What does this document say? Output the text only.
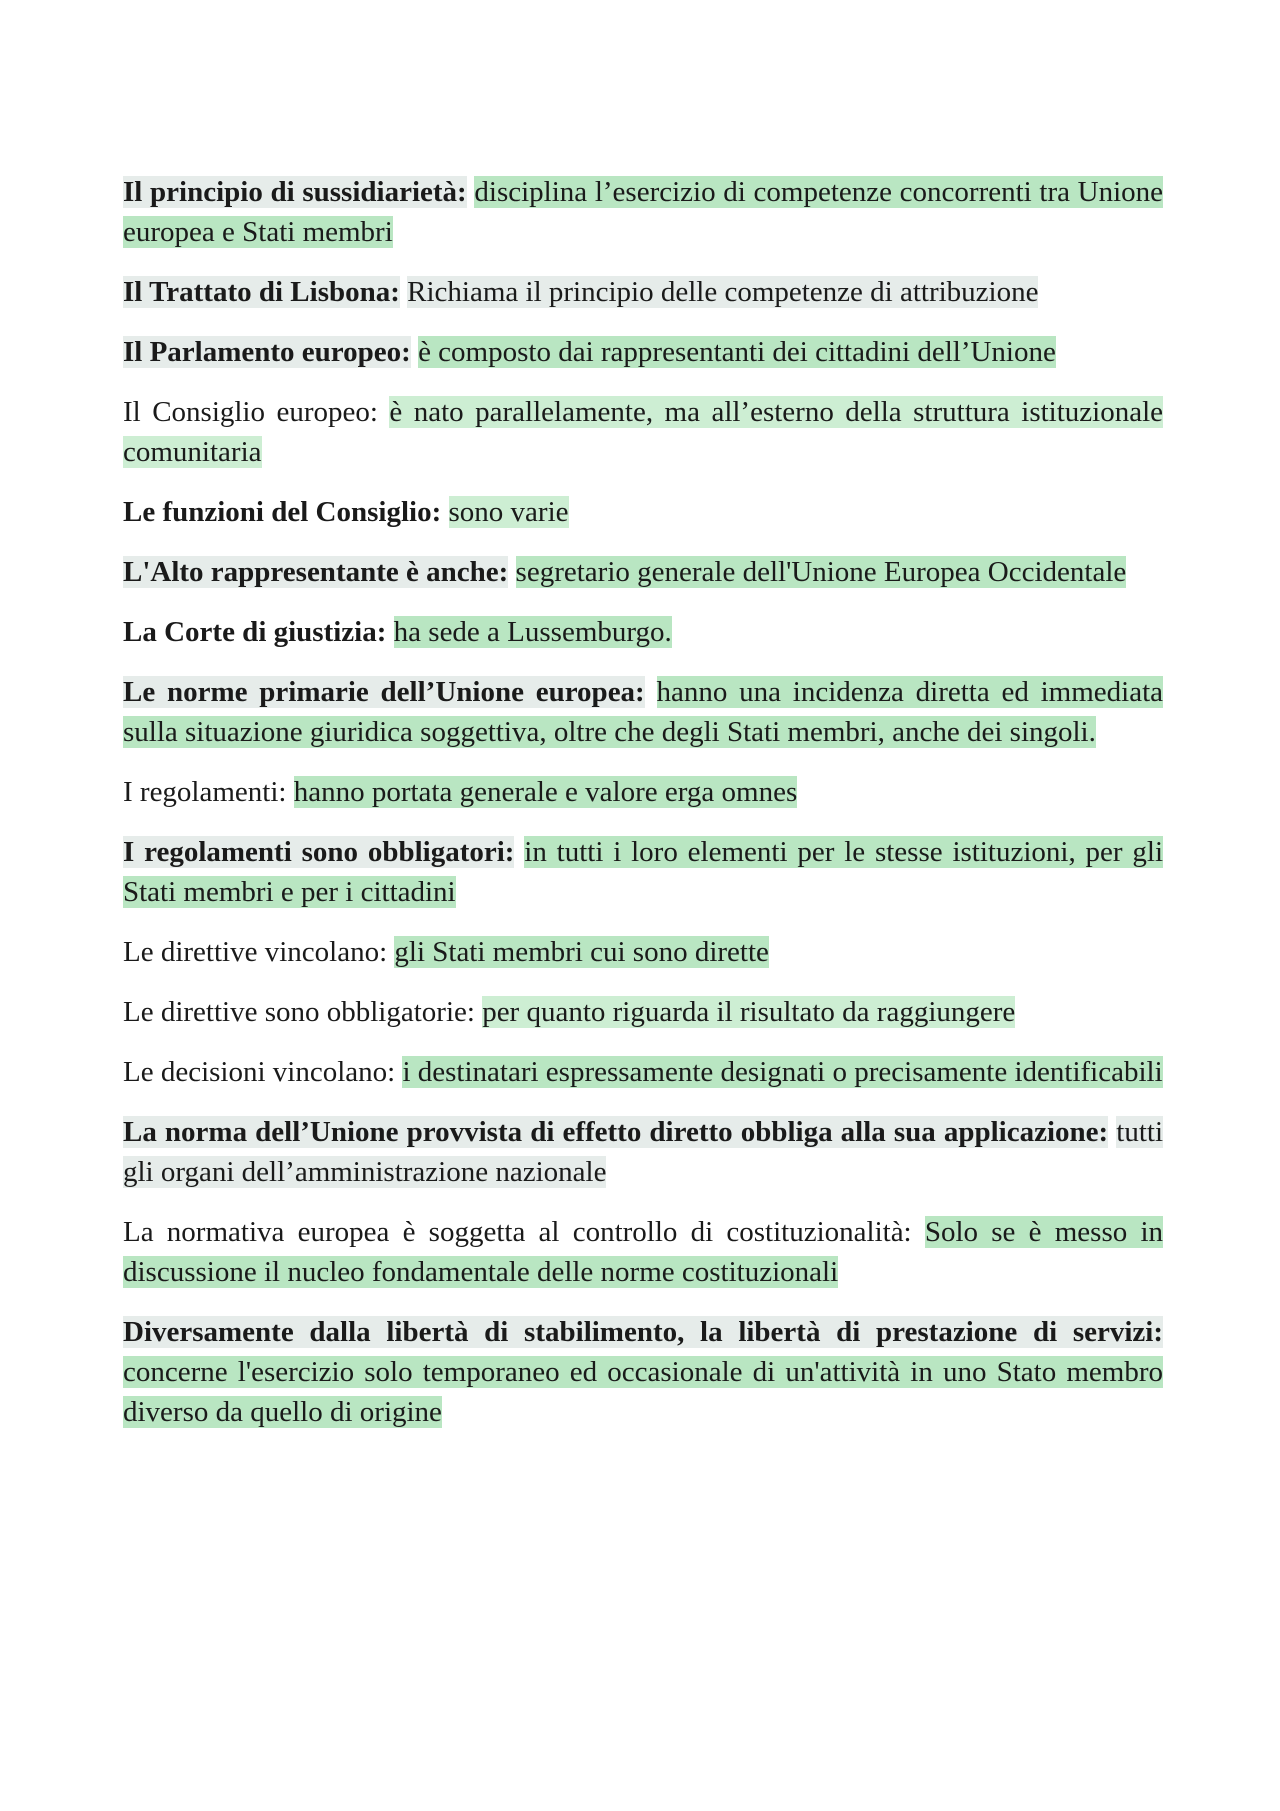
Il principio di sussidiarietà: disciplina l’esercizio di competenze concorrenti tra Unione europea e Stati membri

Il Trattato di Lisbona: Richiama il principio delle competenze di attribuzione

Il Parlamento europeo: è composto dai rappresentanti dei cittadini dell’Unione

Il Consiglio europeo: è nato parallelamente, ma all’esterno della struttura istituzionale comunitaria

Le funzioni del Consiglio: sono varie

L'Alto rappresentante è anche: segretario generale dell'Unione Europea Occidentale

La Corte di giustizia: ha sede a Lussemburgo.

Le norme primarie dell’Unione europea: hanno una incidenza diretta ed immediata sulla situazione giuridica soggettiva, oltre che degli Stati membri, anche dei singoli.

I regolamenti: hanno portata generale e valore erga omnes

I regolamenti sono obbligatori: in tutti i loro elementi per le stesse istituzioni, per gli Stati membri e per i cittadini

Le direttive vincolano: gli Stati membri cui sono dirette

Le direttive sono obbligatorie: per quanto riguarda il risultato da raggiungere

Le decisioni vincolano: i destinatari espressamente designati o precisamente identificabili

La norma dell’Unione provvista di effetto diretto obbliga alla sua applicazione: tutti gli organi dell’amministrazione nazionale

La normativa europea è soggetta al controllo di costituzionalità: Solo se è messo in discussione il nucleo fondamentale delle norme costituzionali

Diversamente dalla libertà di stabilimento, la libertà di prestazione di servizi: concerne l'esercizio solo temporaneo ed occasionale di un'attività in uno Stato membro diverso da quello di origine
